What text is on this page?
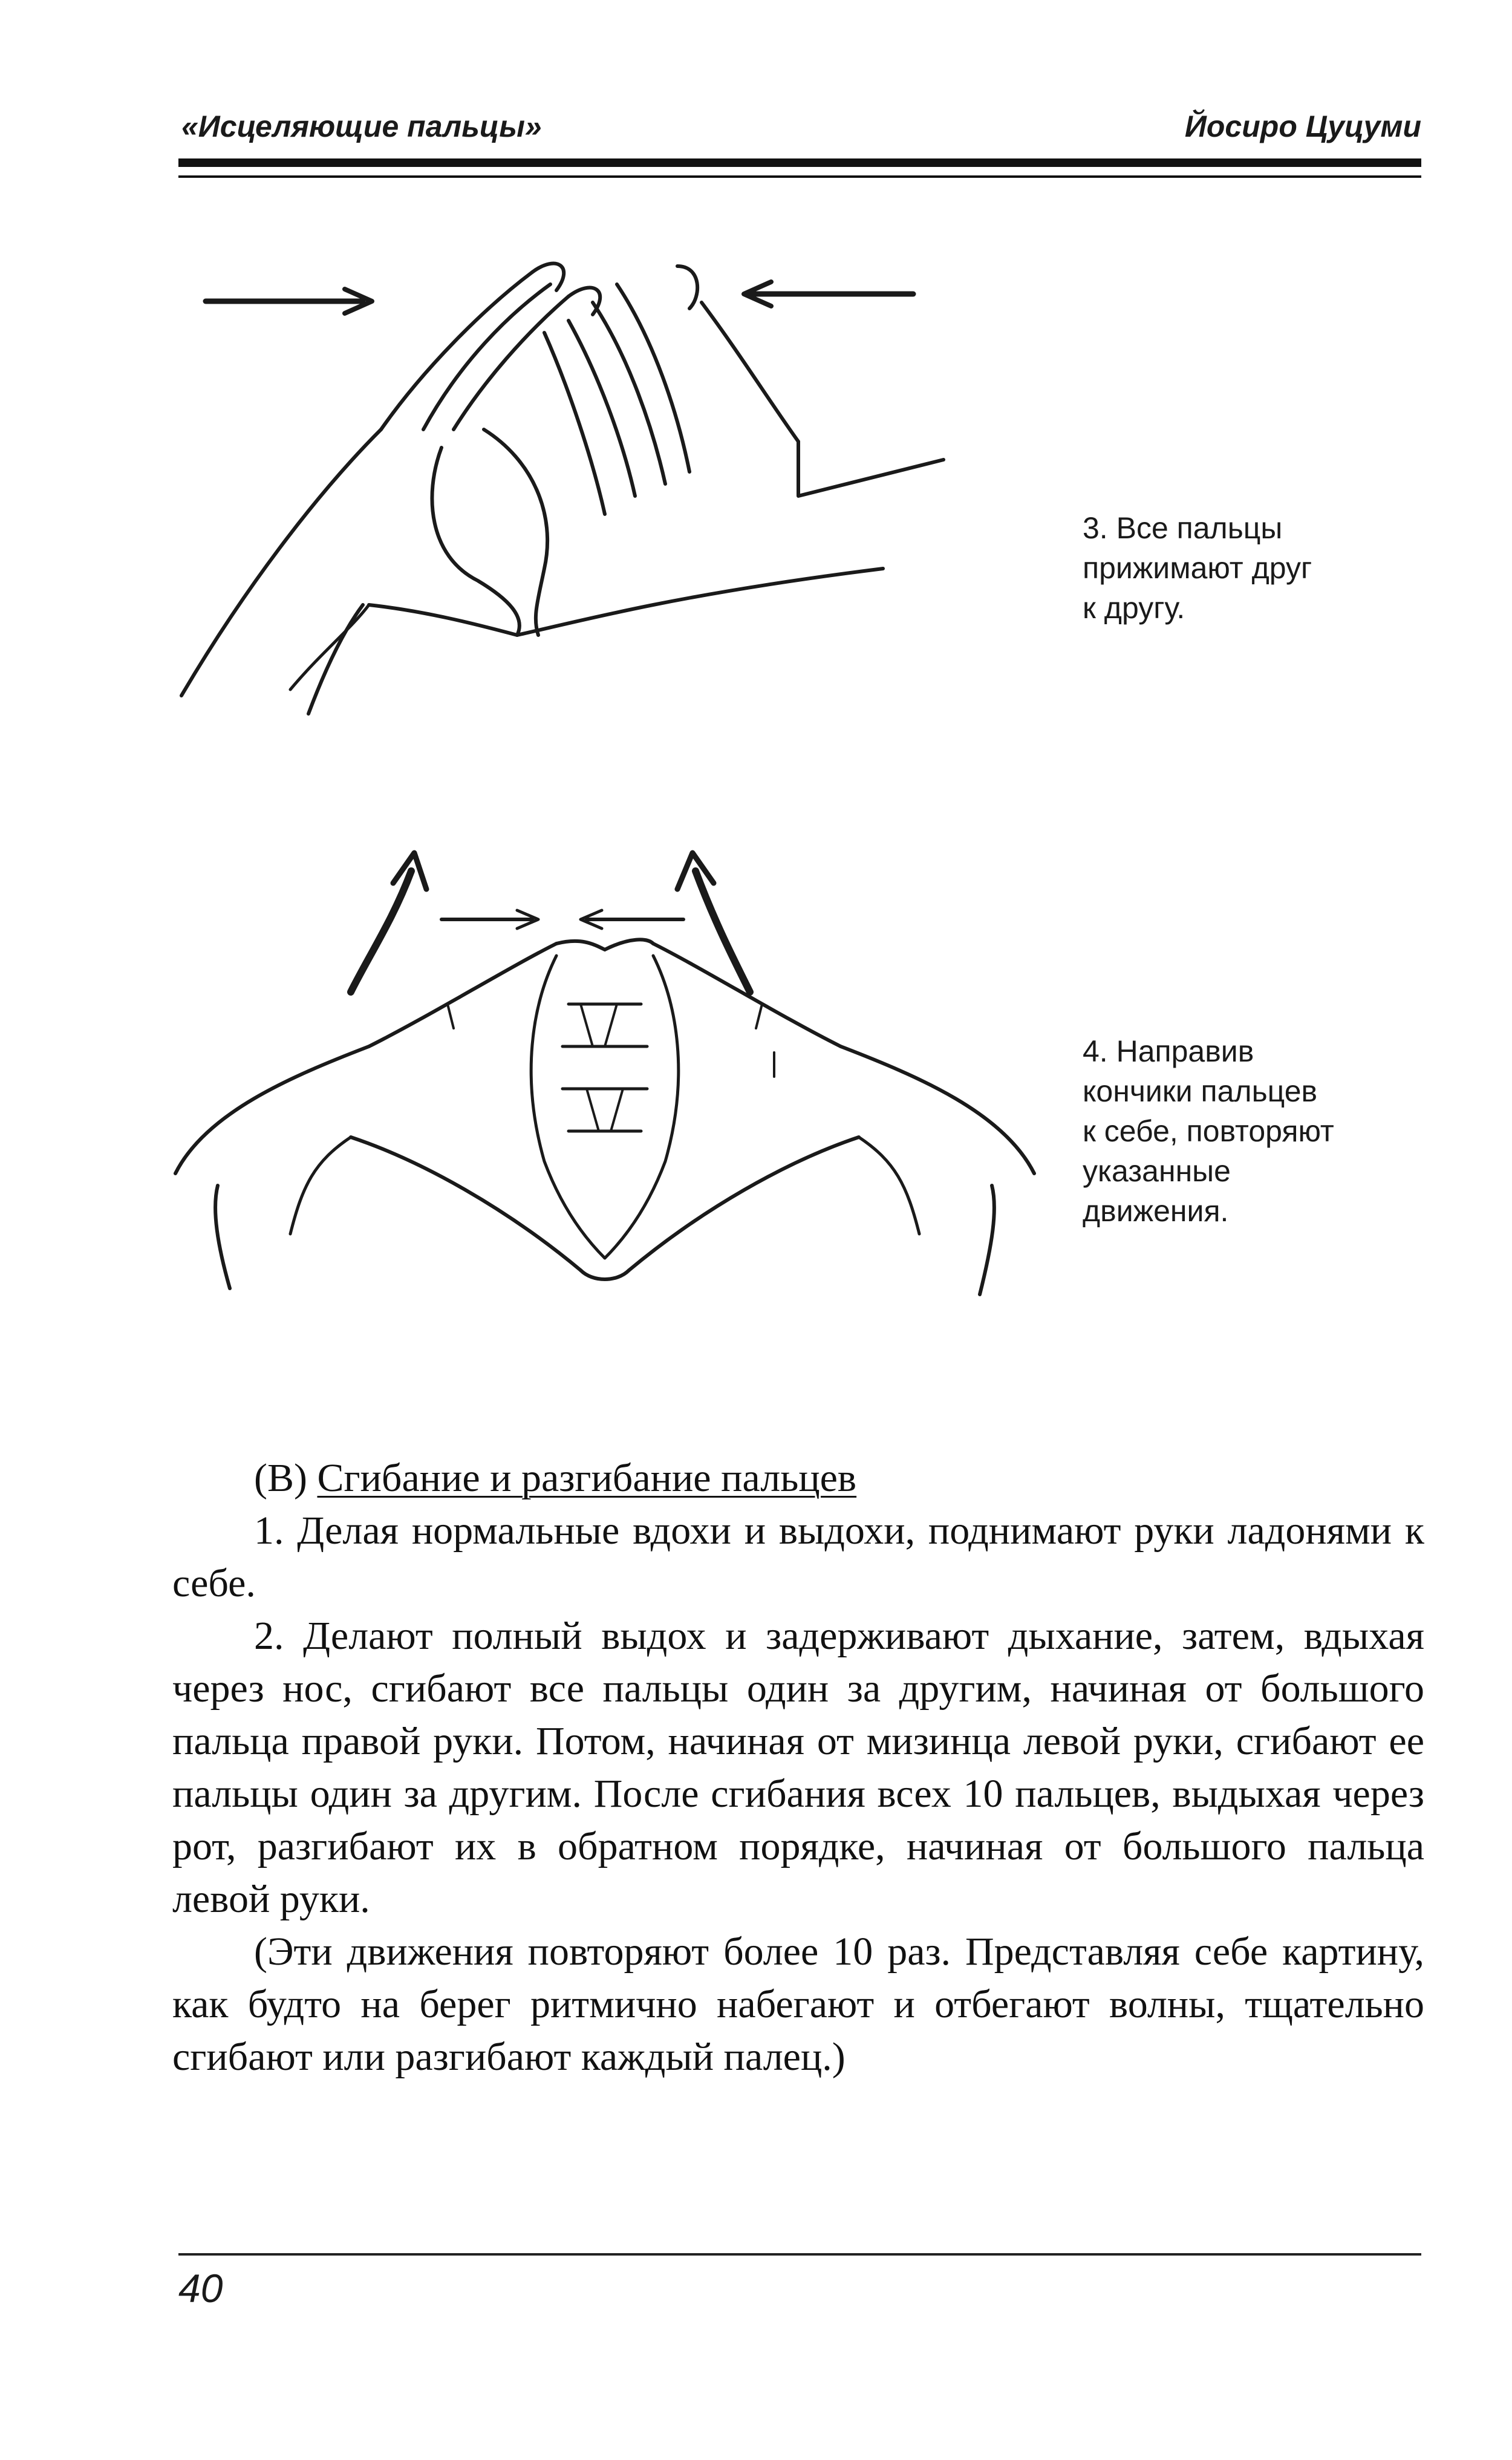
«Исцеляющие пальцы»	Йосиро Цуцуми
3. Все пальцы
прижимают друг
к другу.
4. Направив
кончики пальцев
к себе, повторяют
указанные
движения.

(В) Сгибание и разгибание пальцев

1. Делая нормальные вдохи и выдохи, поднимают руки ладонями к себе.

2. Делают полный выдох и задерживают дыхание, затем, вдыхая через нос, сгибают все пальцы один за другим, начиная от большого пальца правой руки. Потом, начиная от мизинца левой руки, сгибают ее пальцы один за другим. После сгибания всех 10 пальцев, выдыхая через рот, разгибают их в обратном порядке, начиная от большого пальца левой руки.

(Эти движения повторяют более 10 раз. Представляя себе картину, как будто на берег ритмично набегают и отбегают волны, тщательно сгибают или разгибают каждый палец.)

40
